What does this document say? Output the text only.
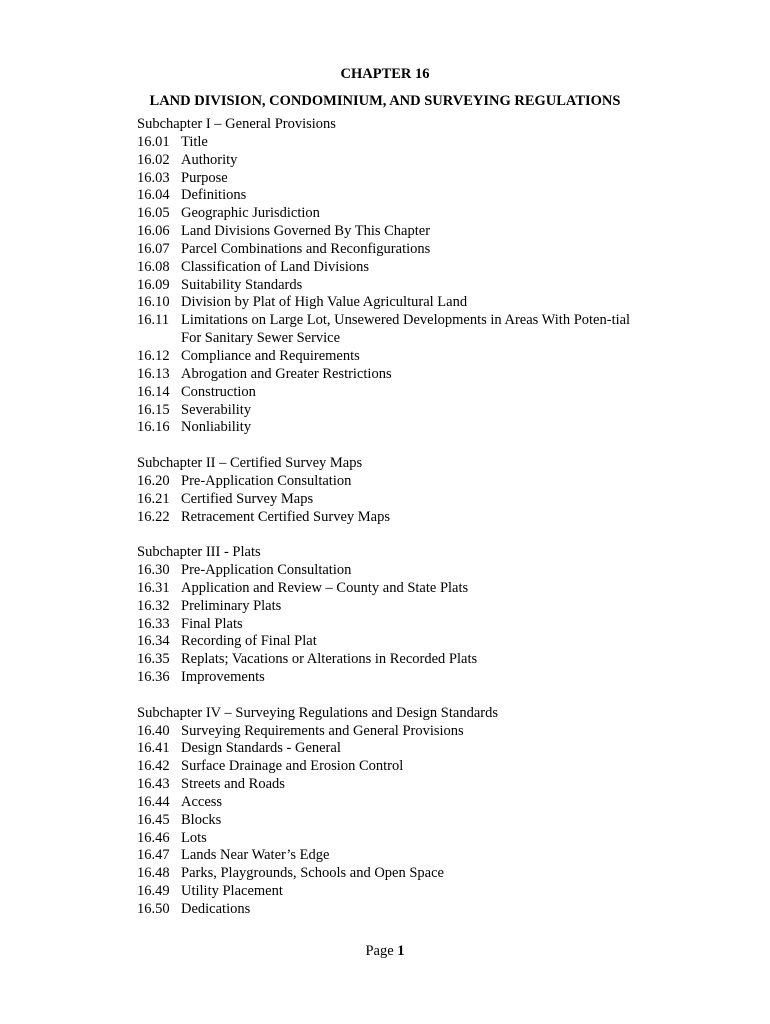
CHAPTER 16
LAND DIVISION, CONDOMINIUM, AND SURVEYING REGULATIONS
Subchapter I – General Provisions
16.01 Title
16.02 Authority
16.03 Purpose
16.04 Definitions
16.05 Geographic Jurisdiction
16.06 Land Divisions Governed By This Chapter
16.07 Parcel Combinations and Reconfigurations
16.08 Classification of Land Divisions
16.09 Suitability Standards
16.10 Division by Plat of High Value Agricultural Land
16.11 Limitations on Large Lot, Unsewered Developments in Areas With Poten-tial For Sanitary Sewer Service
16.12 Compliance and Requirements
16.13 Abrogation and Greater Restrictions
16.14 Construction
16.15 Severability
16.16 Nonliability
Subchapter II – Certified Survey Maps
16.20 Pre-Application Consultation
16.21 Certified Survey Maps
16.22 Retracement Certified Survey Maps
Subchapter III - Plats
16.30 Pre-Application Consultation
16.31 Application and Review – County and State Plats
16.32 Preliminary Plats
16.33 Final Plats
16.34 Recording of Final Plat
16.35 Replats; Vacations or Alterations in Recorded Plats
16.36 Improvements
Subchapter IV – Surveying Regulations and Design Standards
16.40 Surveying Requirements and General Provisions
16.41 Design Standards - General
16.42 Surface Drainage and Erosion Control
16.43 Streets and Roads
16.44 Access
16.45 Blocks
16.46 Lots
16.47 Lands Near Water’s Edge
16.48 Parks, Playgrounds, Schools and Open Space
16.49 Utility Placement
16.50 Dedications
Page 1
